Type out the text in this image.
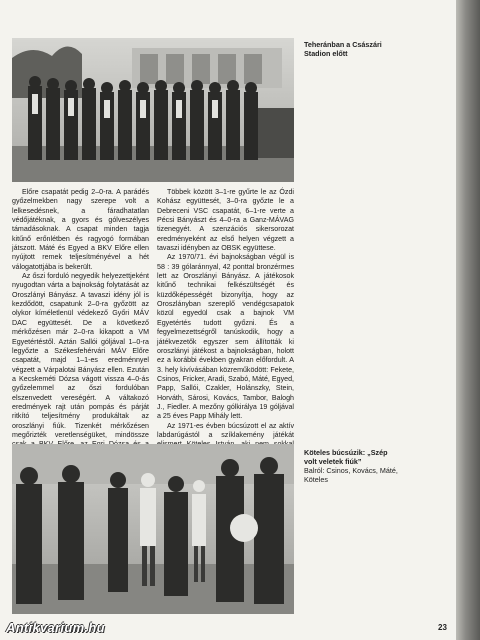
Teheránban a Császári Stadion előtt

Előre csapatát pedig 2–0-ra. A parádés győzelmekben nagy szerepe volt a lelkesedésnek, a fáradhatatlan védőjátéknak, a gyors és gólveszélyes támadásoknak. A csapat minden tagja kitűnő erőnlétben és ragyogó formában játszott. Máté és Egyed a BKV Előre ellen nyújtott remek teljesítményével a hét válogatottjába is bekerült.

Az őszi forduló negyedik helyezettjeként nyugodtan várta a bajnokság folytatását az Oroszlányi Bányász. A tavaszi idény jól is kezdődött, csapatunk 2–0-ra győzött az olykor kíméletlenül védekező Győri MÁV DAC együttesét. De a következő mérkőzésen már 2–0-ra kikapott a VM Egyetértéstől. Aztán Sallói góljával 1–0-ra legyőzte a Székesfehérvári MÁV Előre csapatát, majd 1–1-es eredménnyel végzett a Várpalotai Bányász ellen. Ezután a Kecskeméti Dózsa vágott vissza 4–0-ás győzelemmel az őszi fordulóban elszenvedett vereségért. A váltakozó eredmények rajt után pompás és párját ritkító teljesítmény produkáltak az oroszlányi fiúk. Tizenkét mérkőzésen megőrizték veretlenségüket, mindössze

Többek között 3–1-re gyűrte le az Ózdi Kohász együttesét, 3–0-ra győzte le a Debreceni VSC csapatát, 6–1-re verte a Pécsi Bányászt és 4–0-ra a Ganz-MÁVAG tizenegyét. A szenzációs sikersorozat eredményeként az első helyen végzett a tavaszi idényben az OBSK együttese.

Az 1970/71. évi bajnokságban végül is 58 : 39 gólaránnyal, 42 ponttal bronzérmes lett az Oroszlányi Bányász. A játékosok kitűnő technikai felkészültségét és küzdőképességét bizonyítja, hogy az Oroszlányban szereplő vendégcsapatok közül egyedül csak a bajnok VM Egyetértés tudott győzni. És a fegyelmezettségről tanúskodik, hogy a játékvezetők egyszer sem állították ki oroszlányi játékost a bajnokságban, holott ez a korábbi években gyakran előfordult. A 3. hely kivívásában közreműködött: Fekete, Csinos, Fricker, Aradi, Szabó, Máté, Egyed, Papp, Sallói, Czakler, Holánszky, Stein, Horváth, Sárosi, Kovács, Tambor, Balogh J., Fiedler. A mezőny gólkirálya 19 góljával a 25 éves Papp Mihály lett.

Az 1971-es évben búcsúzott el az aktív labdarúgástól a szíklakemény játékát

Köteles búcsúzik: „Szép volt veletek fiúk”
Balról: Csinos, Kovács, Máté, Köteles
23
Antikvarium.hu
